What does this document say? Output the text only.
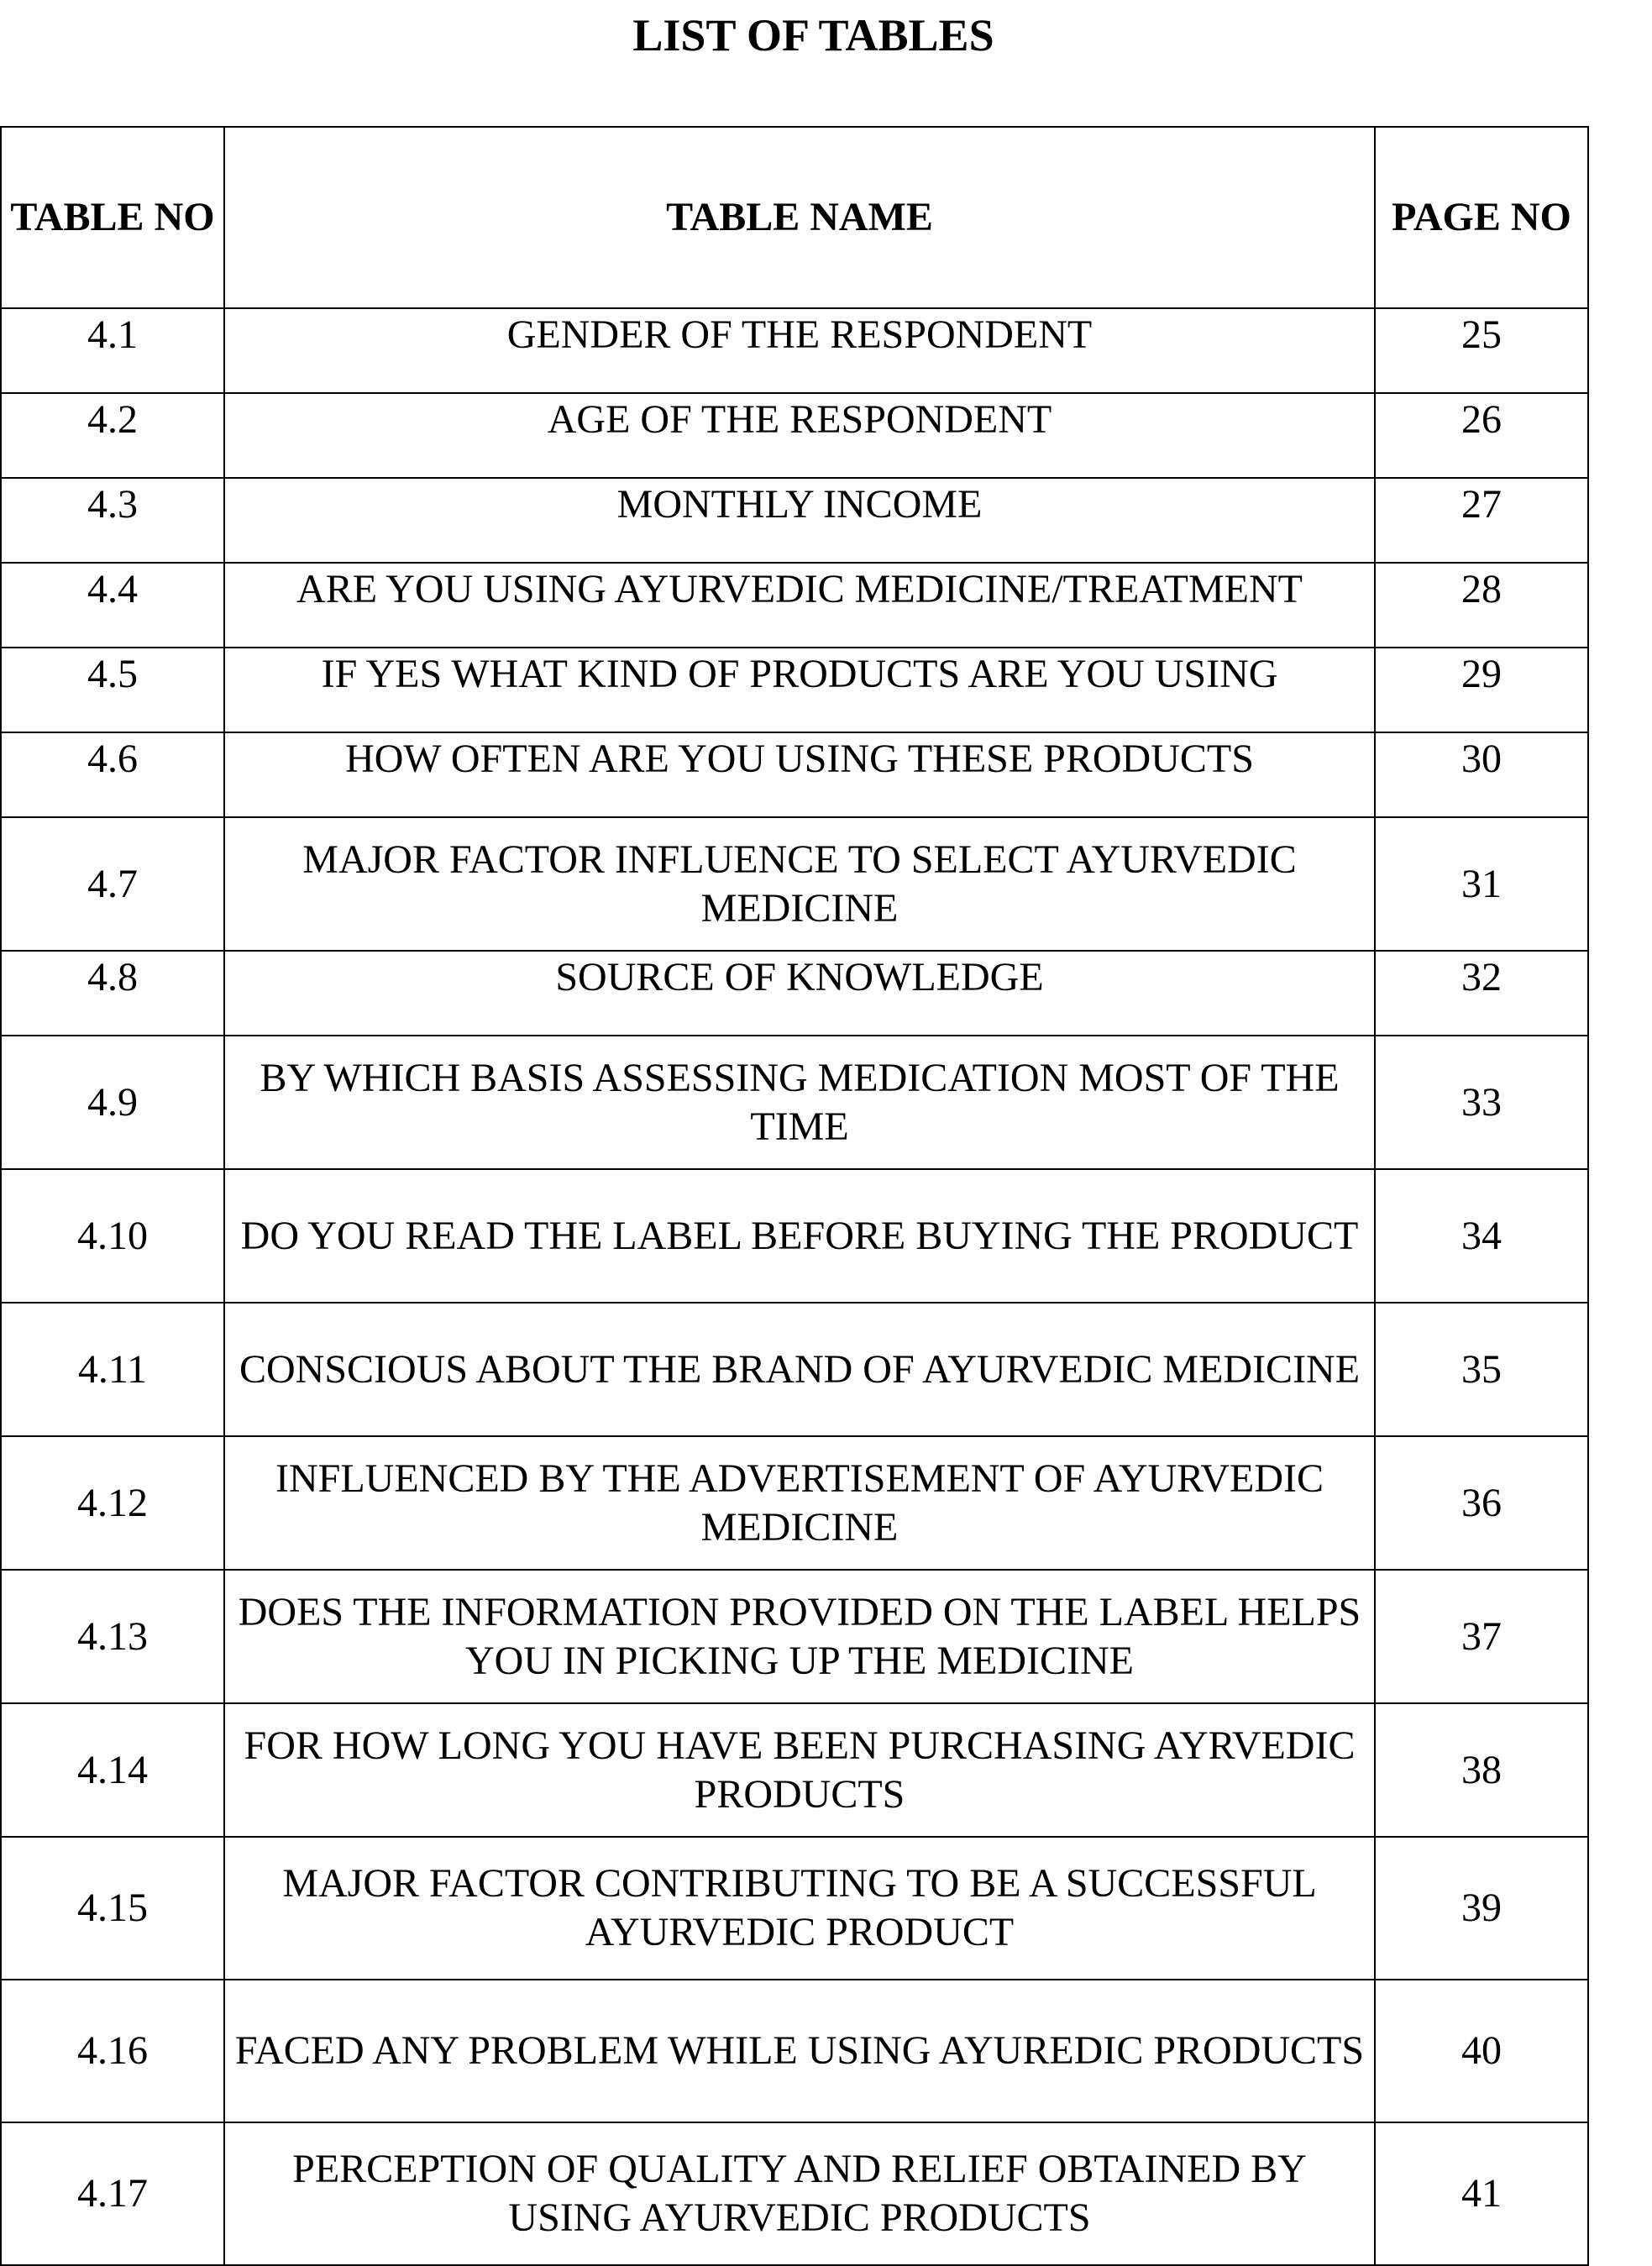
LIST OF TABLES
TABLE NO	TABLE NAME	PAGE NO
4.1	GENDER OF THE RESPONDENT	25
4.2	AGE OF THE RESPONDENT	26
4.3	MONTHLY INCOME	27
4.4	ARE YOU USING AYURVEDIC MEDICINE/TREATMENT	28
4.5	IF YES WHAT KIND OF PRODUCTS ARE YOU USING	29
4.6	HOW OFTEN ARE YOU USING THESE PRODUCTS	30
4.7	MAJOR FACTOR INFLUENCE TO SELECT AYURVEDIC MEDICINE	31
4.8	SOURCE OF KNOWLEDGE	32
4.9	BY WHICH BASIS ASSESSING MEDICATION MOST OF THE TIME	33
4.10	DO YOU READ THE LABEL BEFORE BUYING THE PRODUCT	34
4.11	CONSCIOUS ABOUT THE BRAND OF AYURVEDIC MEDICINE	35
4.12	INFLUENCED BY THE ADVERTISEMENT OF AYURVEDIC MEDICINE	36
4.13	DOES THE INFORMATION PROVIDED ON THE LABEL HELPS YOU IN PICKING UP THE MEDICINE	37
4.14	FOR HOW LONG YOU HAVE BEEN PURCHASING AYRVEDIC PRODUCTS	38
4.15	MAJOR FACTOR CONTRIBUTING TO BE A SUCCESSFUL AYURVEDIC PRODUCT	39
4.16	FACED ANY PROBLEM WHILE USING AYUREDIC PRODUCTS	40
4.17	PERCEPTION OF QUALITY AND RELIEF OBTAINED BY USING AYURVEDIC PRODUCTS	41
